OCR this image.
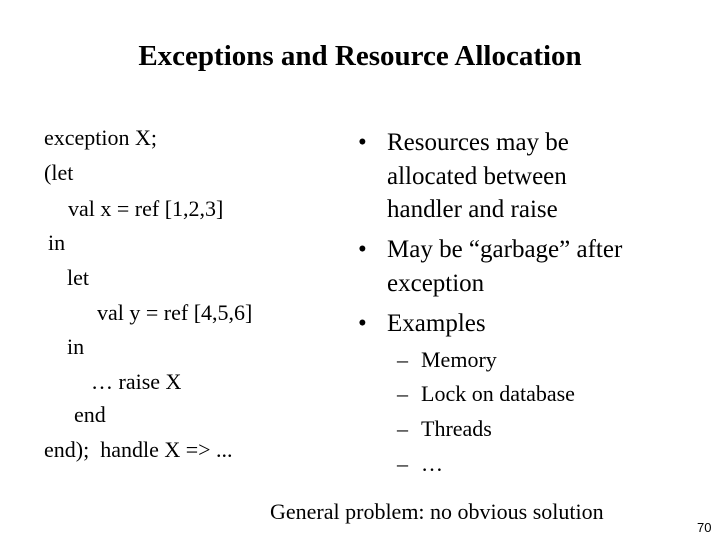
Exceptions and Resource Allocation
exception X;
(let
val x = ref [1,2,3]
in
let
val y = ref [4,5,6]
in
… raise X
end
end);  handle X => ...
• Resources may be
allocated between
handler and raise
• May be “garbage” after
exception
• Examples
– Memory
– Lock on database
– Threads
– …
General problem: no obvious solution
70
